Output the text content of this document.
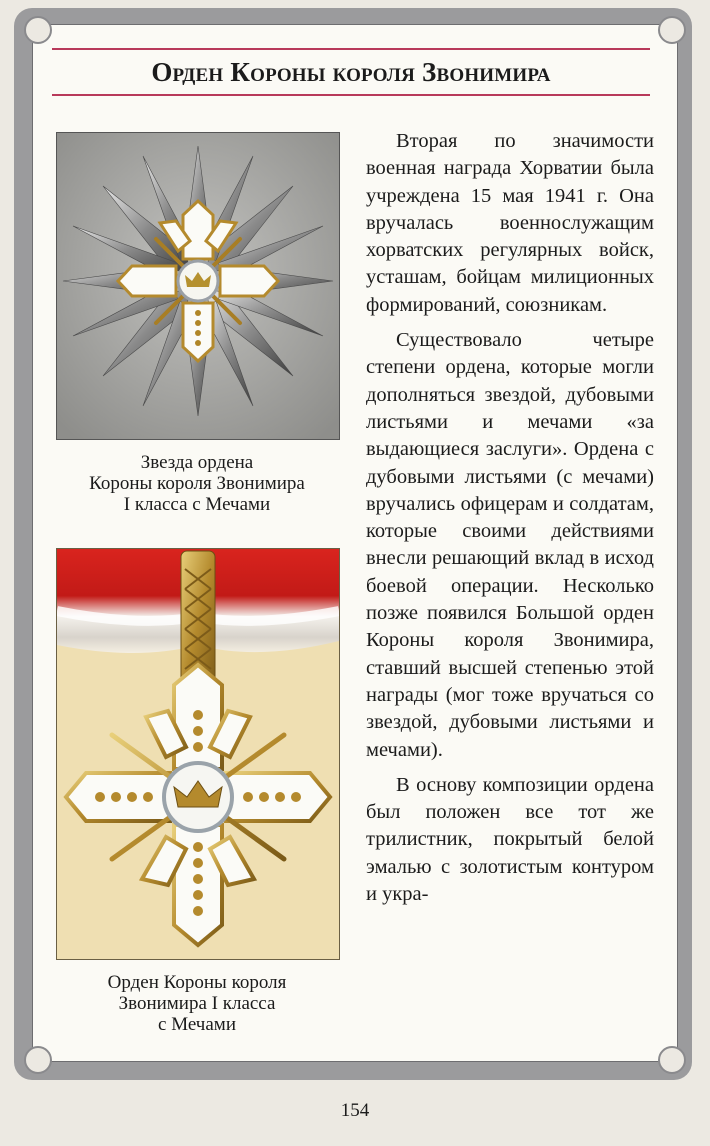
Орден Короны короля Звонимира
Звезда ордена
Короны короля Звонимира
I класса с Мечами
Орден Короны короля
Звонимира I класса
с Мечами

Вторая по значимости военная награда Хорватии была учреждена 15 мая 1941 г. Она вручалась военнослужащим хорватских регулярных войск, усташам, бойцам милиционных формирований, союзникам.

Существовало четыре степени ордена, которые могли дополняться звездой, дубовыми листьями и мечами «за выдающиеся заслуги». Ордена с дубовыми листьями (с мечами) вручались офицерам и солдатам, которые своими действиями внесли решающий вклад в исход боевой операции. Несколько позже появился Большой орден Короны короля Звонимира, ставший высшей степенью этой награды (мог тоже вручаться со звездой, дубовыми листьями и мечами).

В основу композиции ордена был положен все тот же трилистник, покрытый белой эмалью с золотистым контуром и укра-

154
